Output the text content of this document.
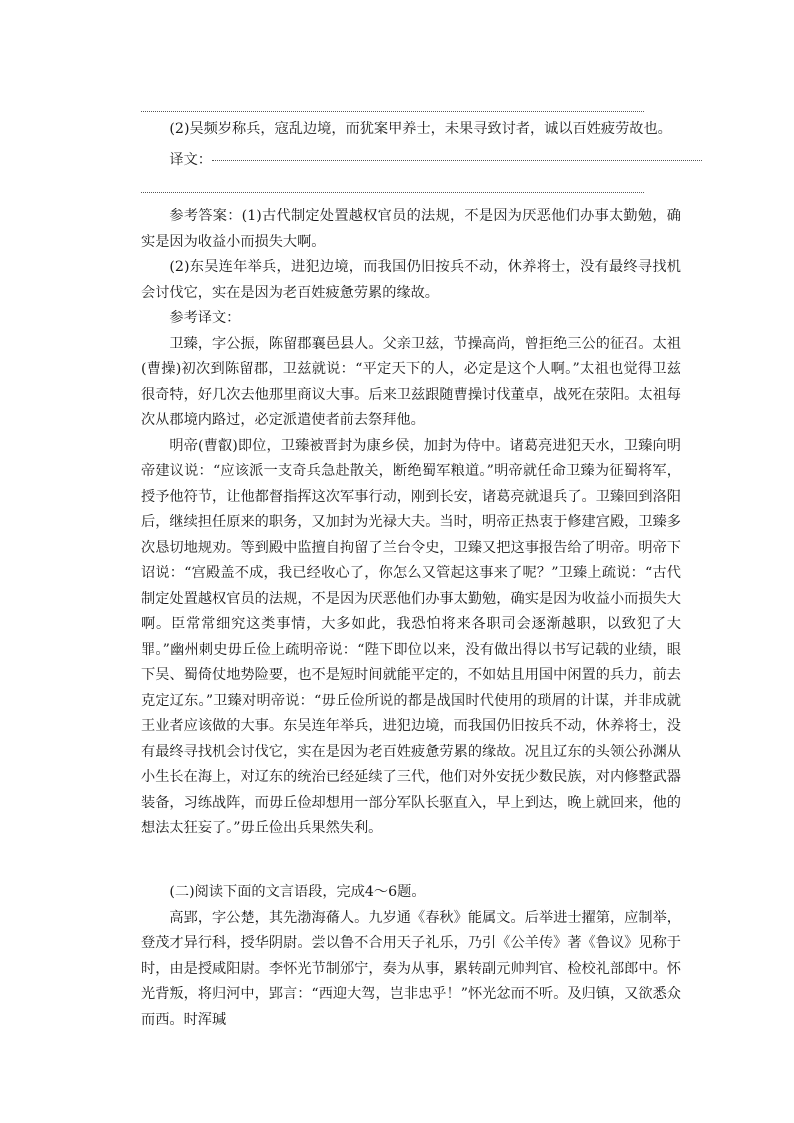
(2)吴频岁称兵，寇乱边境，而犹案甲养士，未果寻致讨者，诚以百姓疲劳故也。

译文：

参考答案：(1)古代制定处置越权官员的法规，不是因为厌恶他们办事太勤勉，确实是因为收益小而损失大啊。

(2)东吴连年举兵，进犯边境，而我国仍旧按兵不动，休养将士，没有最终寻找机会讨伐它，实在是因为老百姓疲惫劳累的缘故。

参考译文：

卫臻，字公振，陈留郡襄邑县人。父亲卫兹，节操高尚，曾拒绝三公的征召。太祖(曹操)初次到陈留郡，卫兹就说：“平定天下的人，必定是这个人啊。”太祖也觉得卫兹很奇特，好几次去他那里商议大事。后来卫兹跟随曹操讨伐董卓，战死在荥阳。太祖每次从郡境内路过，必定派遣使者前去祭拜他。

明帝(曹叡)即位，卫臻被晋封为康乡侯，加封为侍中。诸葛亮进犯天水，卫臻向明帝建议说：“应该派一支奇兵急赴散关，断绝蜀军粮道。”明帝就任命卫臻为征蜀将军，授予他符节，让他都督指挥这次军事行动，刚到长安，诸葛亮就退兵了。卫臻回到洛阳后，继续担任原来的职务，又加封为光禄大夫。当时，明帝正热衷于修建宫殿，卫臻多次恳切地规劝。等到殿中监擅自拘留了兰台令史，卫臻又把这事报告给了明帝。明帝下诏说：“宫殿盖不成，我已经收心了，你怎么又管起这事来了呢？”卫臻上疏说：“古代制定处置越权官员的法规，不是因为厌恶他们办事太勤勉，确实是因为收益小而损失大啊。臣常常细究这类事情，大多如此，我恐怕将来各职司会逐渐越职，以致犯了大罪。”幽州刺史毋丘俭上疏明帝说：“陛下即位以来，没有做出得以书写记载的业绩，眼下吴、蜀倚仗地势险要，也不是短时间就能平定的，不如姑且用国中闲置的兵力，前去克定辽东。”卫臻对明帝说：“毋丘俭所说的都是战国时代使用的琐屑的计谋，并非成就王业者应该做的大事。东吴连年举兵，进犯边境，而我国仍旧按兵不动，休养将士，没有最终寻找机会讨伐它，实在是因为老百姓疲惫劳累的缘故。况且辽东的头领公孙渊从小生长在海上，对辽东的统治已经延续了三代，他们对外安抚少数民族，对内修整武器装备，习练战阵，而毋丘俭却想用一部分军队长驱直入，早上到达，晚上就回来，他的想法太狂妄了。”毋丘俭出兵果然失利。

(二)阅读下面的文言语段，完成4～6题。

高郢，字公楚，其先渤海蓨人。九岁通《春秋》能属文。后举进士擢第，应制举，登茂才异行科，授华阴尉。尝以鲁不合用天子礼乐，乃引《公羊传》著《鲁议》见称于时，由是授咸阳尉。李怀光节制邠宁，奏为从事，累转副元帅判官、检校礼部郎中。怀光背叛，将归河中，郢言：“西迎大驾，岂非忠乎！”怀光忿而不听。及归镇，又欲悉众而西。时浑瑊
